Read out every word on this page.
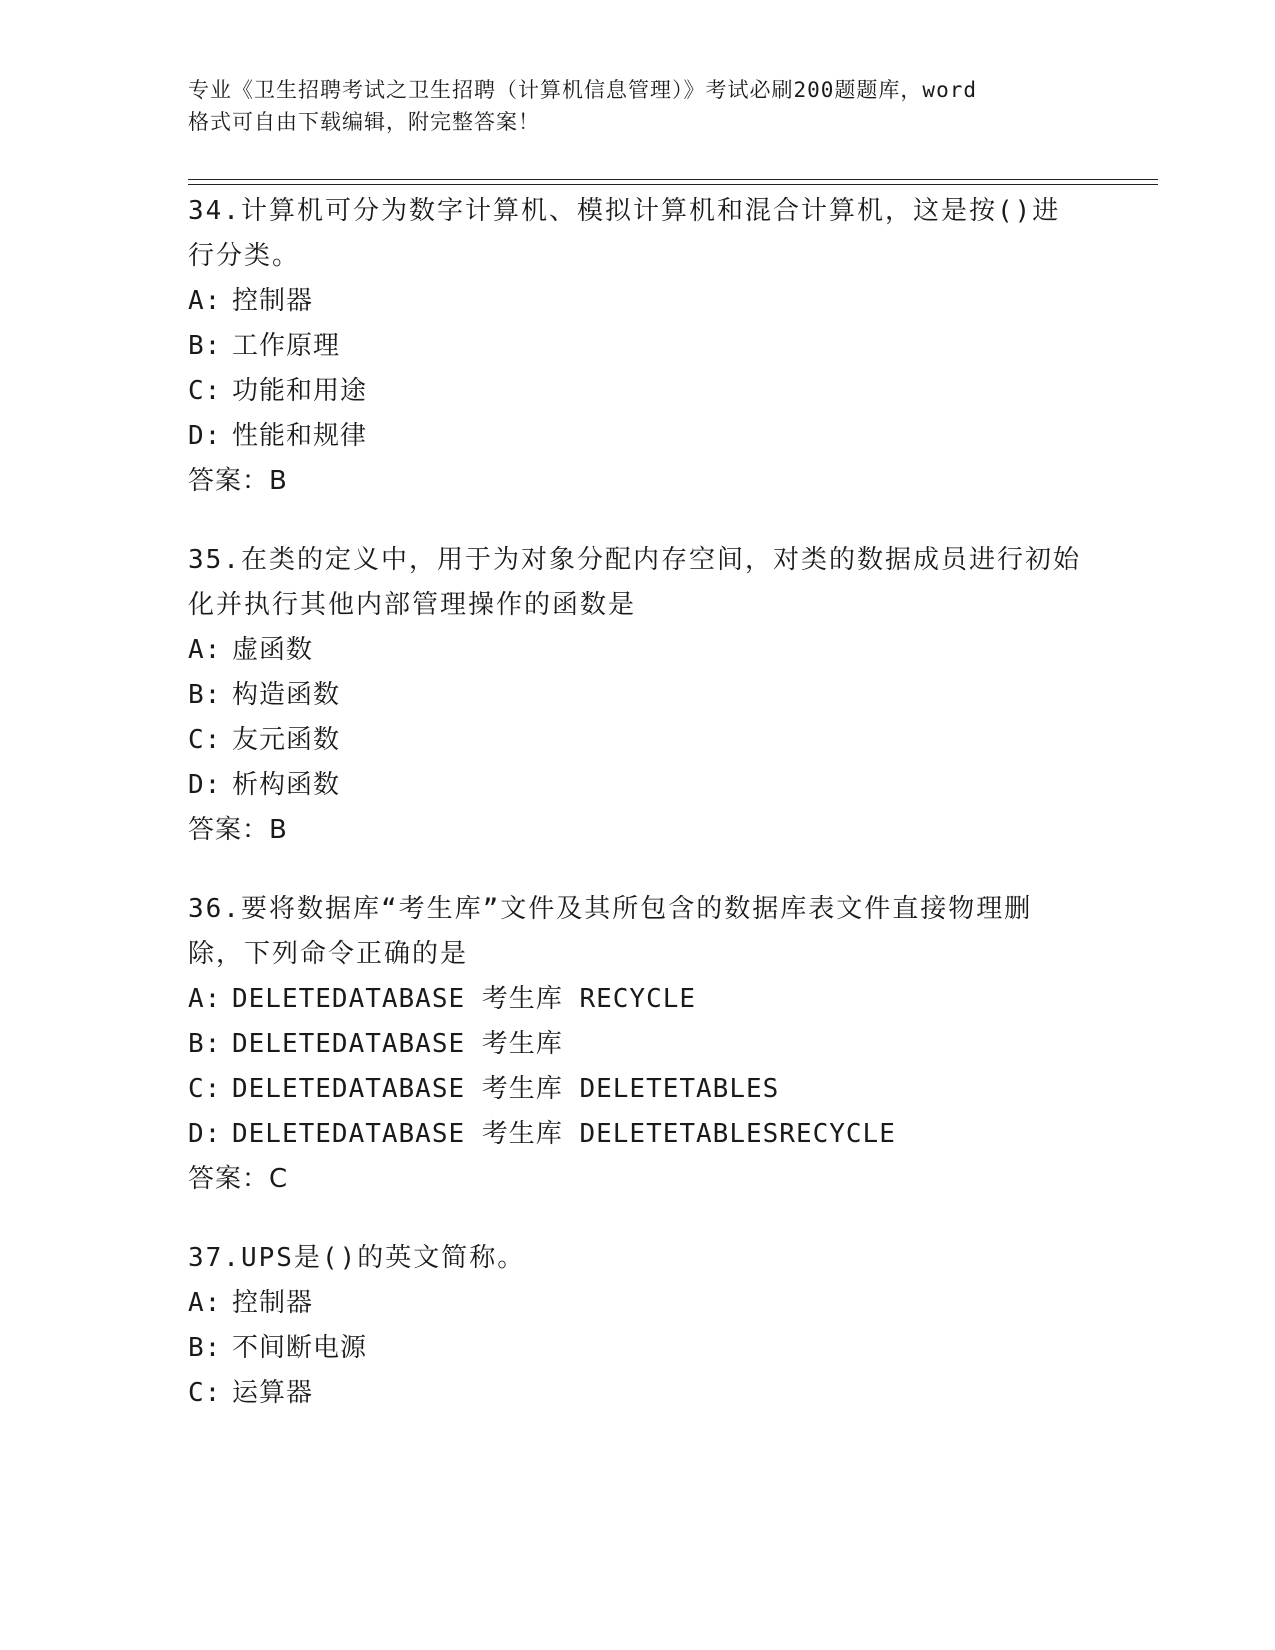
专业《卫生招聘考试之卫生招聘（计算机信息管理）》考试必刷200题题库，word
格式可自由下载编辑，附完整答案！
34.计算机可分为数字计算机、模拟计算机和混合计算机，这是按()进行分类。
A: 控制器
B: 工作原理
C: 功能和用途
D: 性能和规律
答案：B
35.在类的定义中，用于为对象分配内存空间，对类的数据成员进行初始化并执行其他内部管理操作的函数是
A: 虚函数
B: 构造函数
C: 友元函数
D: 析构函数
答案：B
36.要将数据库“考生库”文件及其所包含的数据库表文件直接物理删除，下列命令正确的是
A: DELETEDATABASE 考生库 RECYCLE
B: DELETEDATABASE 考生库
C: DELETEDATABASE 考生库 DELETETABLES
D: DELETEDATABASE 考生库 DELETETABLESRECYCLE
答案：C
37.UPS是()的英文简称。
A: 控制器
B: 不间断电源
C: 运算器
